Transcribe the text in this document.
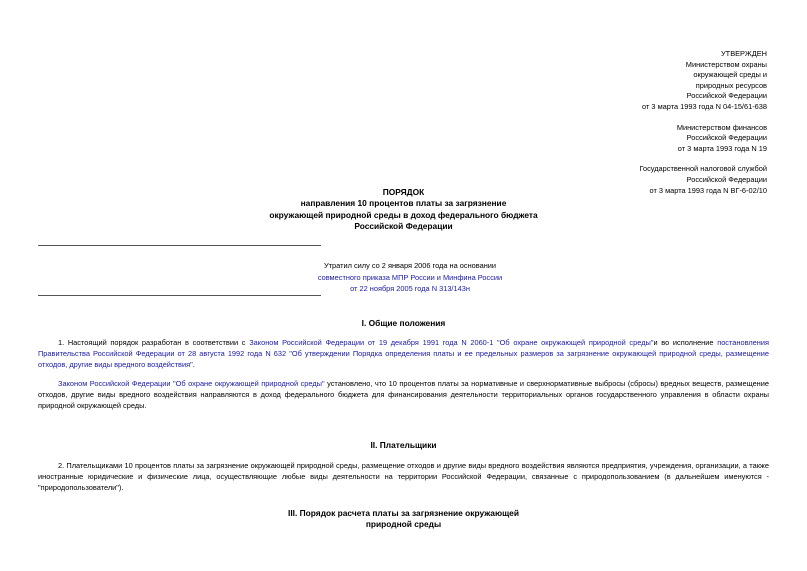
УТВЕРЖДЕН
Министерством охраны
окружающей среды и
природных ресурсов
Российской Федерации
от 3 марта 1993 года N 04-15/61-638
Министерством финансов
Российской Федерации
от 3 марта 1993 года N 19
Государственной налоговой службой
Российской Федерации
от 3 марта 1993 года N ВГ-6-02/10
ПОРЯДОК
направления 10 процентов платы за загрязнение
окружающей природной среды в доход федерального бюджета
Российской Федерации
Утратил силу со 2 января 2006 года на основании
совместного приказа МПР России и Минфина России
от 22 ноября 2005 года N 313/143н
I. Общие положения
1. Настоящий порядок разработан в соответствии с Законом Российской Федерации от 19 декабря 1991 года N 2060-1 "Об охране окружающей природной среды"и во исполнение постановления Правительства Российской Федерации от 28 августа 1992 года N 632 "Об утверждении Порядка определения платы и ее предельных размеров за загрязнение окружающей природной среды, размещение отходов, другие виды вредного воздействия".
Законом Российской Федерации "Об охране окружающей природной среды" установлено, что 10 процентов платы за нормативные и сверхнормативные выбросы (сбросы) вредных веществ, размещение отходов, другие виды вредного воздействия направляются в доход федерального бюджета для финансирования деятельности территориальных органов государственного управления в области охраны природной окружающей среды.
II. Плательщики
2. Плательщиками 10 процентов платы за загрязнение окружающей природной среды, размещение отходов и другие виды вредного воздействия являются предприятия, учреждения, организации, а также иностранные юридические и физические лица, осуществляющие любые виды деятельности на территории Российской Федерации, связанные с природопользованием (в дальнейшем именуются - "природопользователи").
III. Порядок расчета платы за загрязнение окружающей
природной среды
